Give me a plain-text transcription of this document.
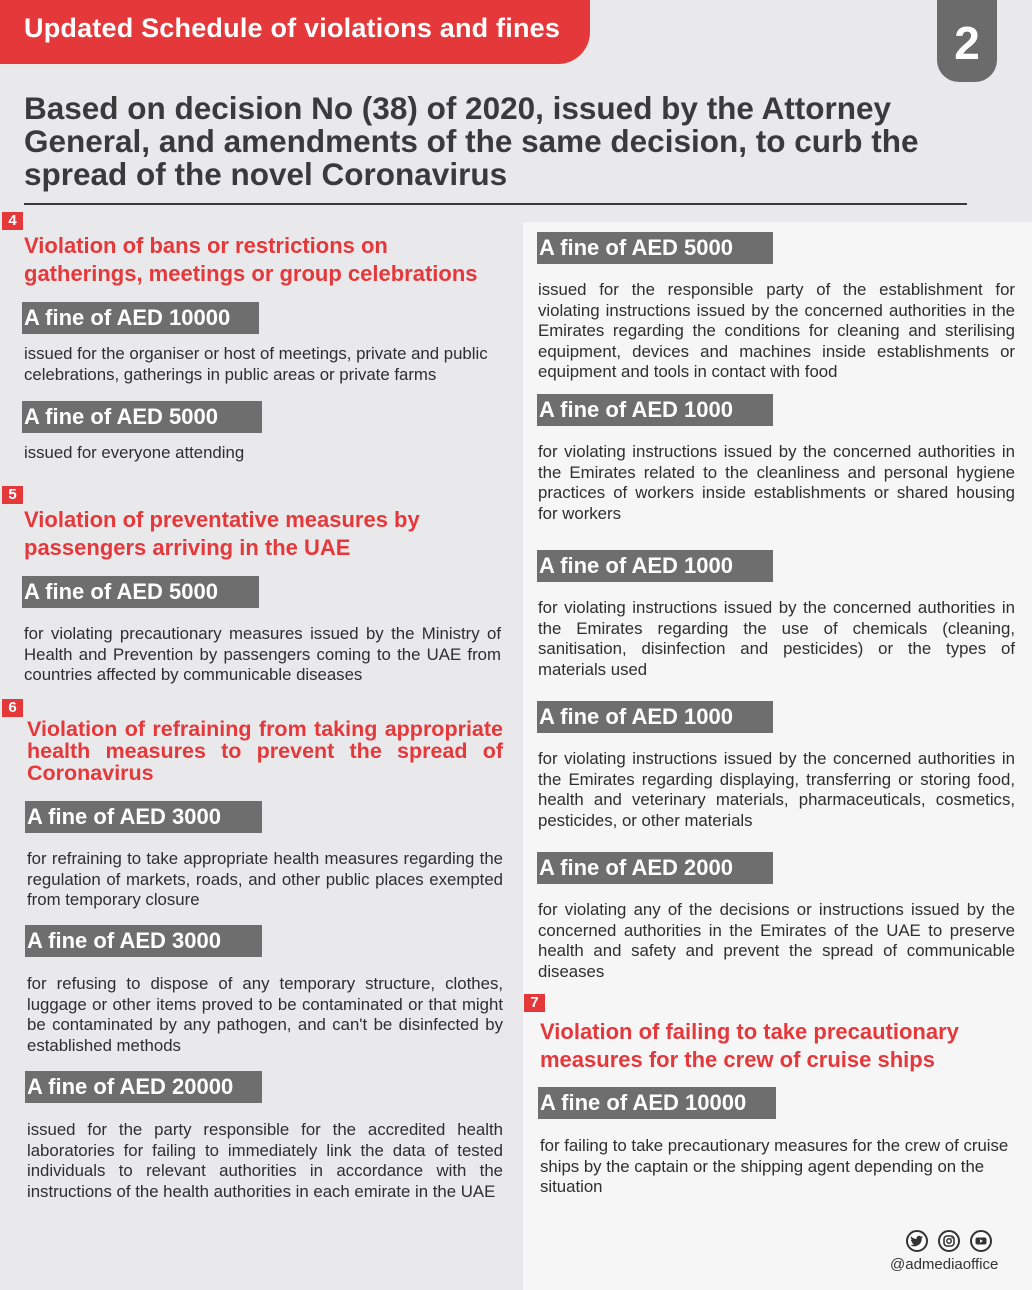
Updated Schedule of violations and fines	2
Based on decision No (38) of 2020, issued by the Attorney General, and amendments of the same decision, to curb the spread of the novel Coronavirus
4
Violation of bans or restrictions on gatherings, meetings or group celebrations
A fine of AED 10000
issued for the organiser or host of meetings, private and public celebrations, gatherings in public areas or private farms
A fine of AED 5000
issued for everyone attending
5
Violation of preventative measures by passengers arriving in the UAE
A fine of AED 5000
for violating precautionary measures issued by the Ministry of Health and Prevention by passengers coming to the UAE from countries affected by communicable diseases
6
Violation of refraining from taking appropriate health measures to prevent the spread of Coronavirus
A fine of AED 3000
for refraining to take appropriate health measures regarding the regulation of markets, roads, and other public places exempted from temporary closure
A fine of AED 3000
for refusing to dispose of any temporary structure, clothes, luggage or other items proved to be contaminated or that might be contaminated by any pathogen, and can't be disinfected by established methods
A fine of AED 20000
issued for the party responsible for the accredited health laboratories for failing to immediately link the data of tested individuals to relevant authorities in accordance with the instructions of the health authorities in each emirate in the UAE
A fine of AED 5000
issued for the responsible party of the establishment for violating instructions issued by the concerned authorities in the Emirates regarding the conditions for cleaning and sterilising equipment, devices and machines inside establishments or equipment and tools in contact with food
A fine of AED 1000
for violating instructions issued by the concerned authorities in the Emirates related to the cleanliness and personal hygiene practices of workers inside establishments or shared housing for workers
A fine of AED 1000
for violating instructions issued by the concerned authorities in the Emirates regarding the use of chemicals (cleaning, sanitisation, disinfection and pesticides) or the types of materials used
A fine of AED 1000
for violating instructions issued by the concerned authorities in the Emirates regarding displaying, transferring or storing food, health and veterinary materials, pharmaceuticals, cosmetics, pesticides, or other materials
A fine of AED 2000
for violating any of the decisions or instructions issued by the concerned authorities in the Emirates of the UAE to preserve health and safety and prevent the spread of communicable diseases
7
Violation of failing to take precautionary measures for the crew of cruise ships
A fine of AED 10000
for failing to take precautionary measures for the crew of cruise ships by the captain or the shipping agent depending on the situation
@admediaoffice
